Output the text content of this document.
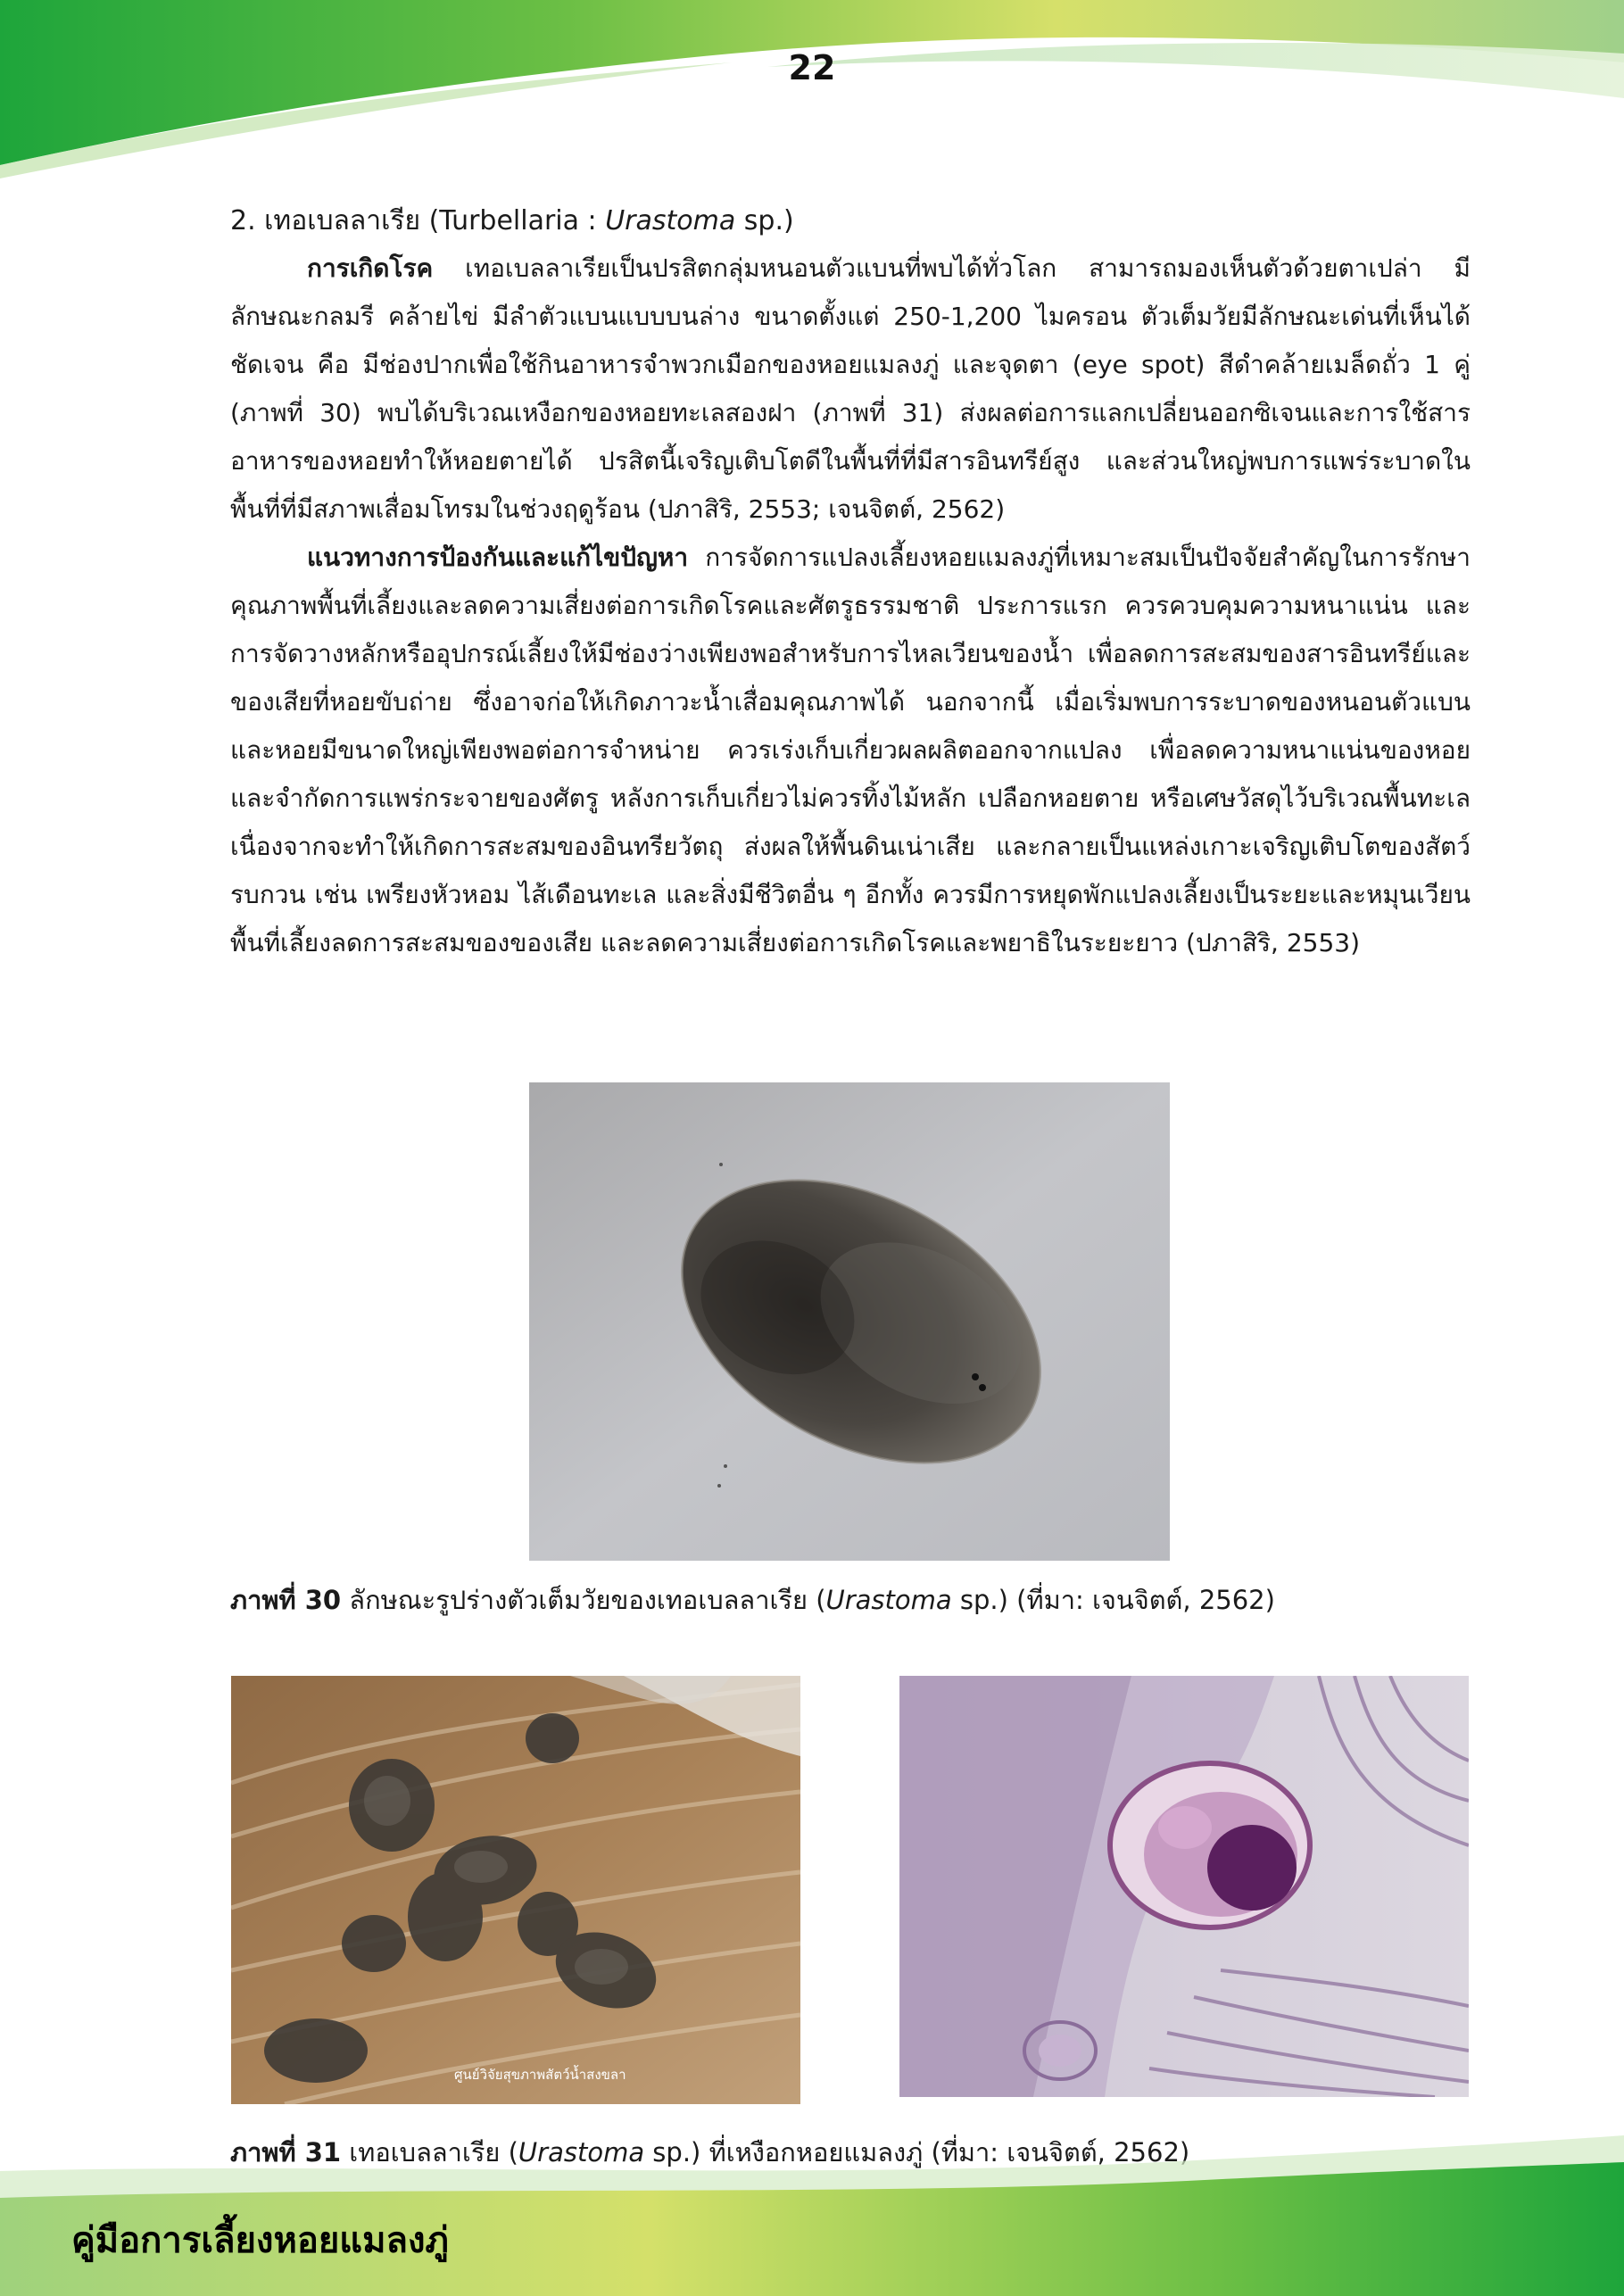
22

2. เทอเบลลาเรีย (Turbellaria : Urastoma sp.)

การเกิดโรค เทอเบลลาเรียเป็นปรสิตกลุ่มหนอนตัวแบนที่พบได้ทั่วโลก สามารถมองเห็นตัวด้วยตาเปล่า มีลักษณะกลมรี คล้ายไข่ มีลำตัวแบนแบบบนล่าง ขนาดตั้งแต่ 250-1,200 ไมครอน ตัวเต็มวัยมีลักษณะเด่นที่เห็นได้ชัดเจน คือ มีช่องปากเพื่อใช้กินอาหารจำพวกเมือกของหอยแมลงภู่ และจุดตา (eye spot) สีดำคล้ายเมล็ดถั่ว 1 คู่ (ภาพที่ 30) พบได้บริเวณเหงือกของหอยทะเลสองฝา (ภาพที่ 31) ส่งผลต่อการแลกเปลี่ยนออกซิเจนและการใช้สารอาหารของหอยทำให้หอยตายได้ ปรสิตนี้เจริญเติบโตดีในพื้นที่ที่มีสารอินทรีย์สูง และส่วนใหญ่พบการแพร่ระบาดในพื้นที่ที่มีสภาพเสื่อมโทรมในช่วงฤดูร้อน (ปภาสิริ, 2553; เจนจิตต์, 2562)

แนวทางการป้องกันและแก้ไขปัญหา การจัดการแปลงเลี้ยงหอยแมลงภู่ที่เหมาะสมเป็นปัจจัยสำคัญในการรักษาคุณภาพพื้นที่เลี้ยงและลดความเสี่ยงต่อการเกิดโรคและศัตรูธรรมชาติ ประการแรก ควรควบคุมความหนาแน่น และการจัดวางหลักหรืออุปกรณ์เลี้ยงให้มีช่องว่างเพียงพอสำหรับการไหลเวียนของน้ำ เพื่อลดการสะสมของสารอินทรีย์และของเสียที่หอยขับถ่าย ซึ่งอาจก่อให้เกิดภาวะน้ำเสื่อมคุณภาพได้ นอกจากนี้ เมื่อเริ่มพบการระบาดของหนอนตัวแบน และหอยมีขนาดใหญ่เพียงพอต่อการจำหน่าย ควรเร่งเก็บเกี่ยวผลผลิตออกจากแปลง เพื่อลดความหนาแน่นของหอยและจำกัดการแพร่กระจายของศัตรู หลังการเก็บเกี่ยวไม่ควรทิ้งไม้หลัก เปลือกหอยตาย หรือเศษวัสดุไว้บริเวณพื้นทะเล เนื่องจากจะทำให้เกิดการสะสมของอินทรียวัตถุ ส่งผลให้พื้นดินเน่าเสีย และกลายเป็นแหล่งเกาะเจริญเติบโตของสัตว์รบกวน เช่น เพรียงหัวหอม ไส้เดือนทะเล และสิ่งมีชีวิตอื่น ๆ อีกทั้ง ควรมีการหยุดพักแปลงเลี้ยงเป็นระยะและหมุนเวียนพื้นที่เลี้ยงลดการสะสมของของเสีย และลดความเสี่ยงต่อการเกิดโรคและพยาธิในระยะยาว (ปภาสิริ, 2553)

ภาพที่ 30 ลักษณะรูปร่างตัวเต็มวัยของเทอเบลลาเรีย (Urastoma sp.) (ที่มา: เจนจิตต์, 2562)
ศูนย์วิจัยสุขภาพสัตว์น้ำสงขลา
ภาพที่ 31 เทอเบลลาเรีย (Urastoma sp.) ที่เหงือกหอยแมลงภู่ (ที่มา: เจนจิตต์, 2562)
คู่มือการเลี้ยงหอยแมลงภู่
